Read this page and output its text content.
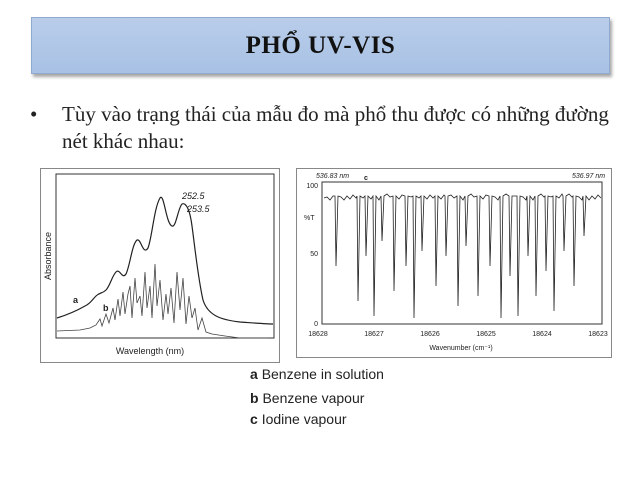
PHỔ UV-VIS
• Tùy vào trạng thái của mẫu đo mà phổ thu được có những đường nét khác nhau:
Absorbance
252.5
253.5
a
b
Wavelength (nm)
536.83 nm c	536.97 nm
%T
100
50
0
18628	18627	18626	18625	18624	18623
Wavenumber (cm⁻¹)
a Benzene in solution
b Benzene vapour
c Iodine vapour
